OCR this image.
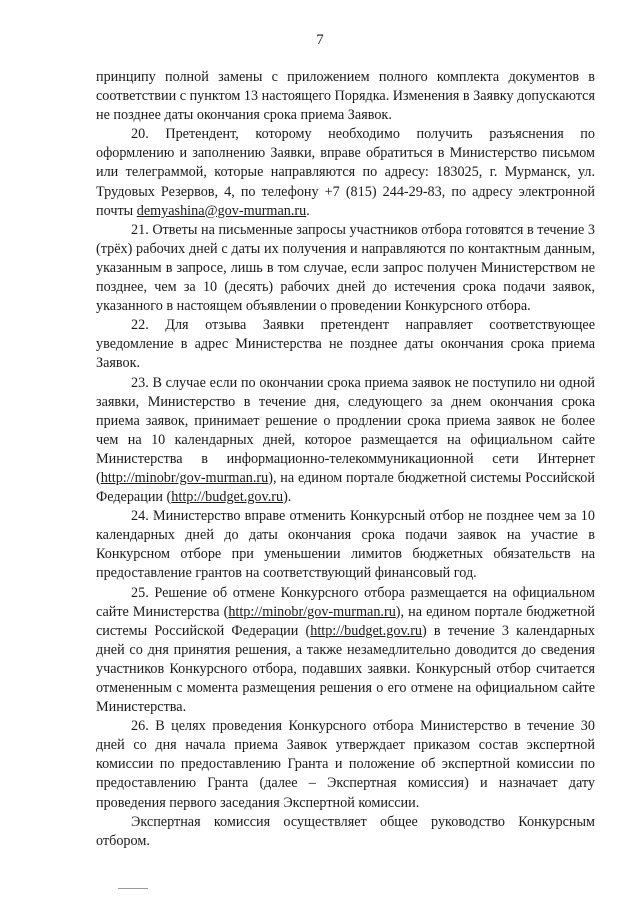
7

принципу полной замены с приложением полного комплекта документов в соответствии с пунктом 13 настоящего Порядка. Изменения в Заявку допускаются не позднее даты окончания срока приема Заявок.

20. Претендент, которому необходимо получить разъяснения по оформлению и заполнению Заявки, вправе обратиться в Министерство письмом или телеграммой, которые направляются по адресу: 183025, г. Мурманск, ул. Трудовых Резервов, 4, по телефону +7 (815) 244-29-83, по адресу электронной почты demyashina@gov-murman.ru.

21. Ответы на письменные запросы участников отбора готовятся в течение 3 (трёх) рабочих дней с даты их получения и направляются по контактным данным, указанным в запросе, лишь в том случае, если запрос получен Министерством не позднее, чем за 10 (десять) рабочих дней до истечения срока подачи заявок, указанного в настоящем объявлении о проведении Конкурсного отбора.

22. Для отзыва Заявки претендент направляет соответствующее уведомление в адрес Министерства не позднее даты окончания срока приема Заявок.

23. В случае если по окончании срока приема заявок не поступило ни одной заявки, Министерство в течение дня, следующего за днем окончания срока приема заявок, принимает решение о продлении срока приема заявок не более чем на 10 календарных дней, которое размещается на официальном сайте Министерства в информационно-телекоммуникационной сети Интернет (http://minobr/gov-murman.ru), на едином портале бюджетной системы Российской Федерации (http://budget.gov.ru).

24. Министерство вправе отменить Конкурсный отбор не позднее чем за 10 календарных дней до даты окончания срока подачи заявок на участие в Конкурсном отборе при уменьшении лимитов бюджетных обязательств на предоставление грантов на соответствующий финансовый год.

25. Решение об отмене Конкурсного отбора размещается на официальном сайте Министерства (http://minobr/gov-murman.ru), на едином портале бюджетной системы Российской Федерации (http://budget.gov.ru) в течение 3 календарных дней со дня принятия решения, а также незамедлительно доводится до сведения участников Конкурсного отбора, подавших заявки. Конкурсный отбор считается отмененным с момента размещения решения о его отмене на официальном сайте Министерства.

26. В целях проведения Конкурсного отбора Министерство в течение 30 дней со дня начала приема Заявок утверждает приказом состав экспертной комиссии по предоставлению Гранта и положение об экспертной комиссии по предоставлению Гранта (далее – Экспертная комиссия) и назначает дату проведения первого заседания Экспертной комиссии.

Экспертная комиссия осуществляет общее руководство Конкурсным отбором.
